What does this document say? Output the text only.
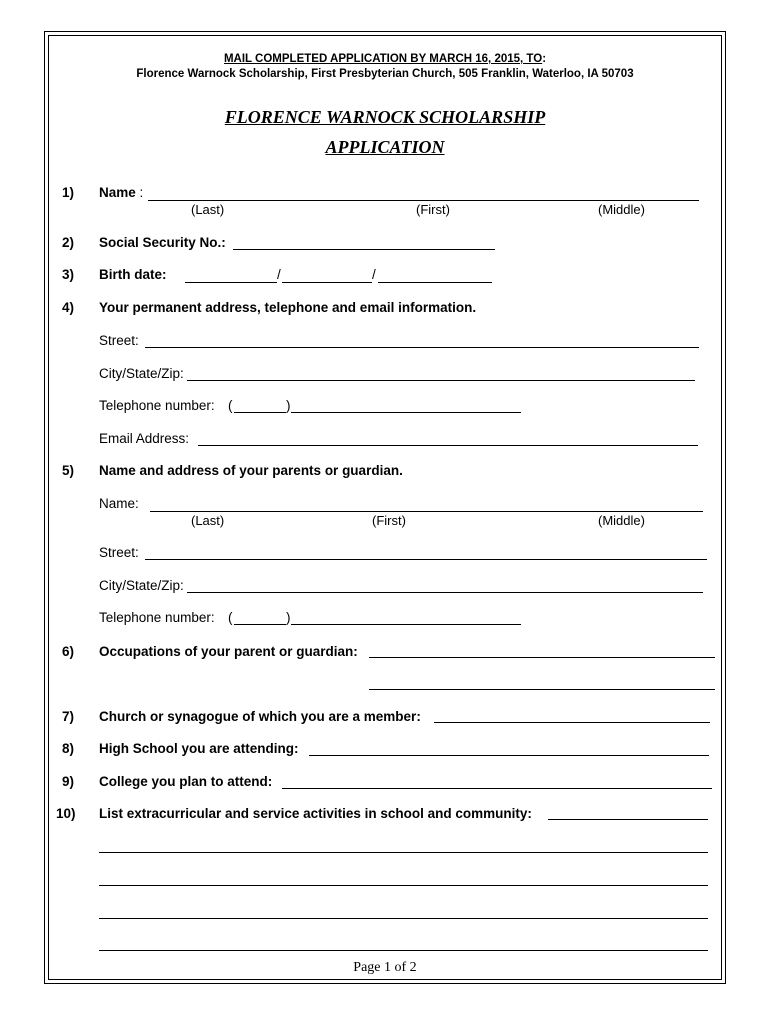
MAIL COMPLETED APPLICATION BY MARCH 16, 2015, TO:
Florence Warnock Scholarship, First Presbyterian Church, 505 Franklin, Waterloo, IA 50703
FLORENCE WARNOCK SCHOLARSHIP
APPLICATION
1) Name :
(Last)	(First)	(Middle)
2) Social Security No.:
3) Birth date:	/	/
4) Your permanent address, telephone and email information.
Street:
City/State/Zip:
Telephone number: (	)
Email Address:
5) Name and address of your parents or guardian.
Name:
(Last)	(First)	(Middle)
Street:
City/State/Zip:
Telephone number: (	)
6) Occupations of your parent or guardian:
7) Church or synagogue of which you are a member:
8) High School you are attending:
9) College you plan to attend:
10) List extracurricular and service activities in school and community:
Page 1 of 2
